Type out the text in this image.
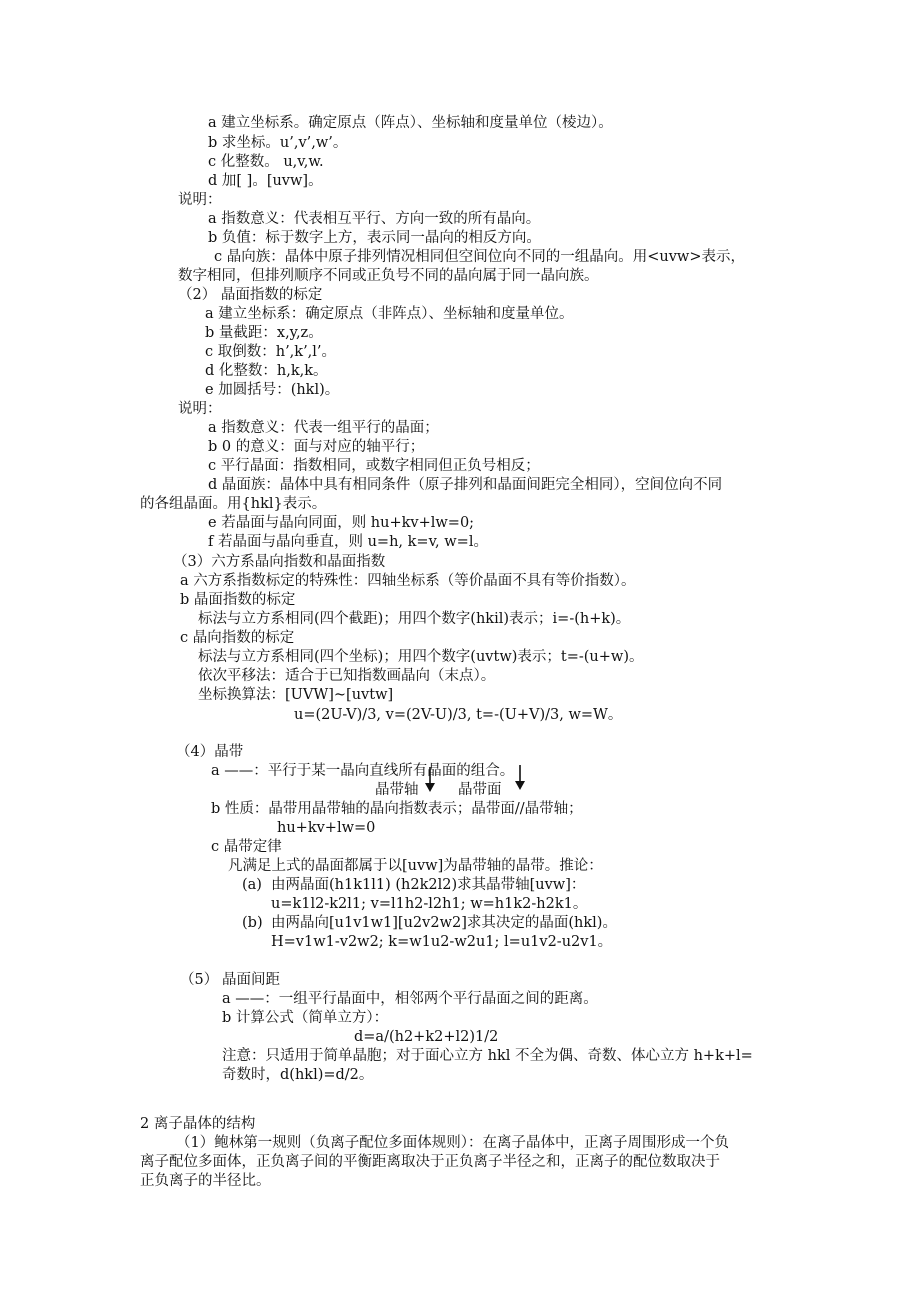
a 建立坐标系。确定原点（阵点）、坐标轴和度量单位（棱边）。
b 求坐标。u’,v’,w’。
c 化整数。 u,v,w.
d 加[ ]。[uvw]。
说明：
a 指数意义：代表相互平行、方向一致的所有晶向。
b 负值：标于数字上方，表示同一晶向的相反方向。
c 晶向族：晶体中原子排列情况相同但空间位向不同的一组晶向。用<uvw>表示，
数字相同，但排列顺序不同或正负号不同的晶向属于同一晶向族。
（2） 晶面指数的标定
a 建立坐标系：确定原点（非阵点）、坐标轴和度量单位。
b 量截距：x,y,z。
c 取倒数：h’,k’,l’。
d 化整数：h,k,k。
e 加圆括号：(hkl)。
说明：
a 指数意义：代表一组平行的晶面；
b 0 的意义：面与对应的轴平行；
c 平行晶面：指数相同，或数字相同但正负号相反；
d 晶面族：晶体中具有相同条件（原子排列和晶面间距完全相同），空间位向不同
的各组晶面。用{hkl}表示。
e 若晶面与晶向同面，则 hu+kv+lw=0;
f 若晶面与晶向垂直，则 u=h, k=v, w=l。
（3）六方系晶向指数和晶面指数
a 六方系指数标定的特殊性：四轴坐标系（等价晶面不具有等价指数）。
b 晶面指数的标定
标法与立方系相同(四个截距)；用四个数字(hkil)表示；i=-(h+k)。
c 晶向指数的标定
标法与立方系相同(四个坐标)；用四个数字(uvtw)表示；t=-(u+w)。
依次平移法：适合于已知指数画晶向（末点）。
坐标换算法：[UVW]~[uvtw]
u=(2U-V)/3, v=(2V-U)/3, t=-(U+V)/3, w=W。
（4）晶带
a ——：平行于某一晶向直线所有晶面的组合。
晶带轴	晶带面
b 性质：晶带用晶带轴的晶向指数表示；晶带面//晶带轴；
hu+kv+lw=0
c 晶带定律
凡满足上式的晶面都属于以[uvw]为晶带轴的晶带。推论：
(a) 由两晶面(h1k1l1) (h2k2l2)求其晶带轴[uvw]：
u=k1l2-k2l1; v=l1h2-l2h1; w=h1k2-h2k1。
(b) 由两晶向[u1v1w1][u2v2w2]求其决定的晶面(hkl)。
H=v1w1-v2w2; k=w1u2-w2u1; l=u1v2-u2v1。
（5） 晶面间距
a ——：一组平行晶面中，相邻两个平行晶面之间的距离。
b 计算公式（简单立方）：
d=a/(h2+k2+l2)1/2
注意：只适用于简单晶胞；对于面心立方 hkl 不全为偶、奇数、体心立方 h+k+l=
奇数时，d(hkl)=d/2。
2 离子晶体的结构
（1）鲍林第一规则（负离子配位多面体规则）：在离子晶体中，正离子周围形成一个负
离子配位多面体，正负离子间的平衡距离取决于正负离子半径之和，正离子的配位数取决于
正负离子的半径比。
